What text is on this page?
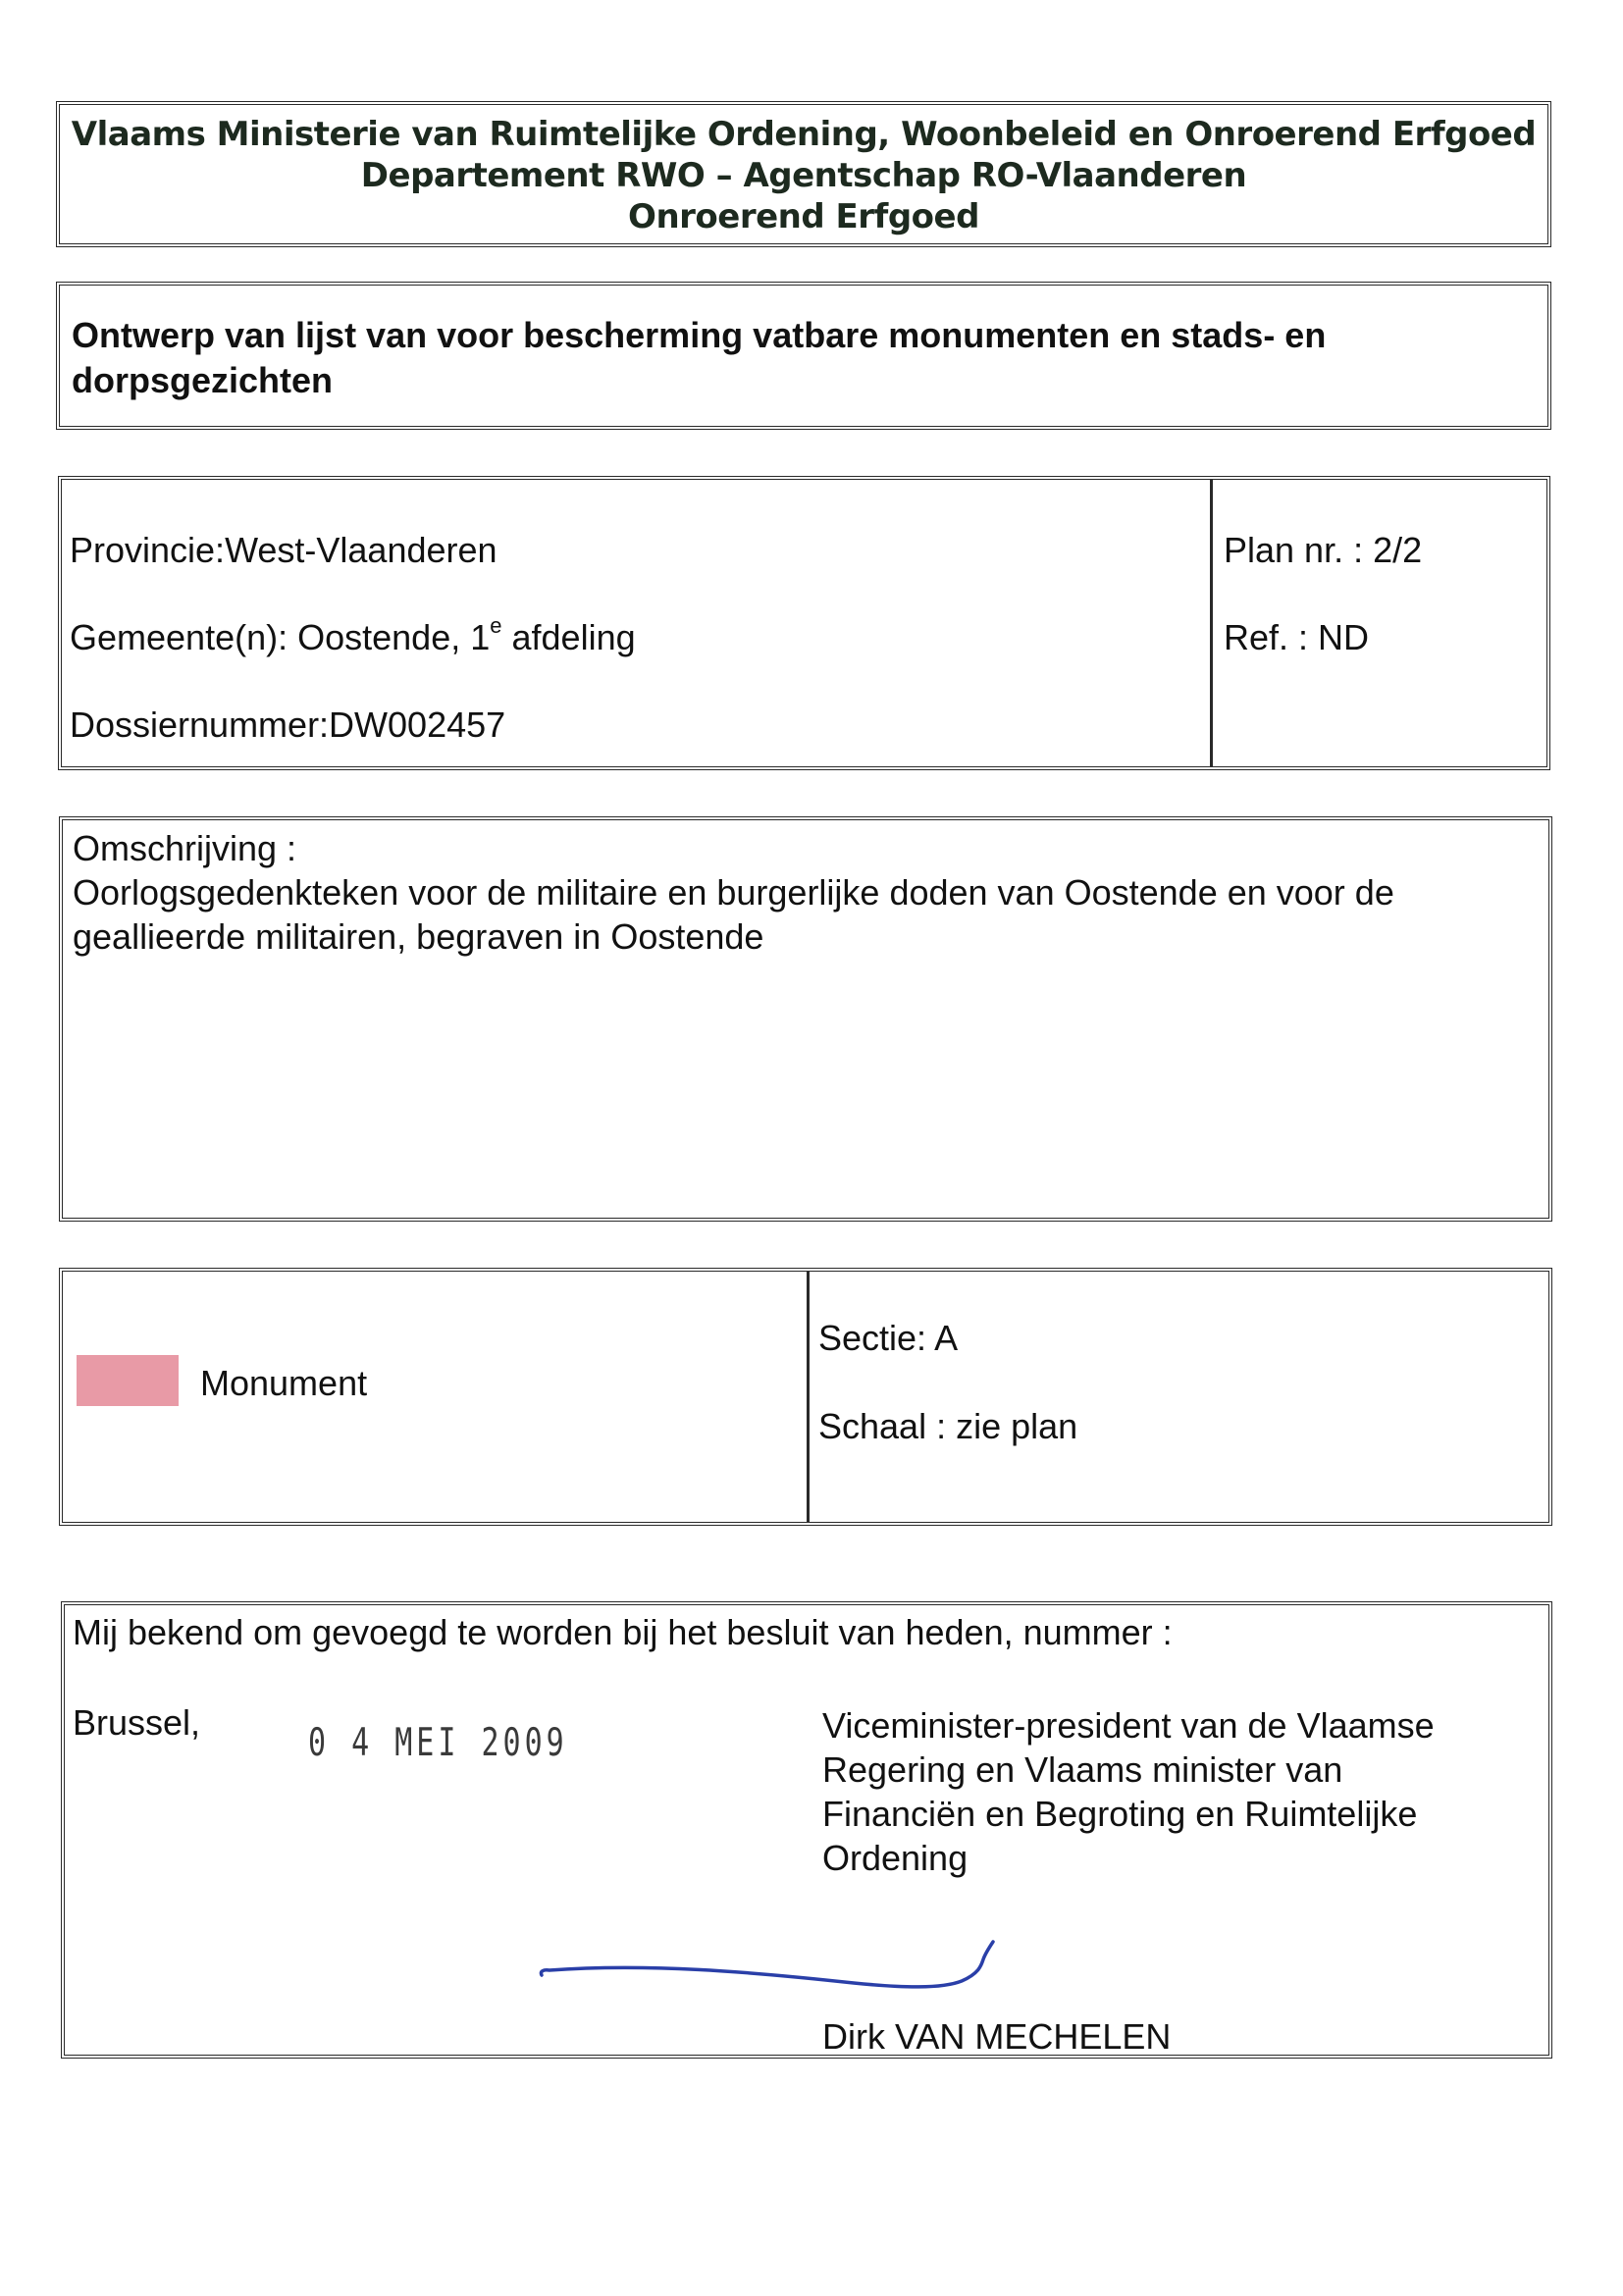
Vlaams Ministerie van Ruimtelijke Ordening, Woonbeleid en Onroerend Erfgoed
Departement RWO – Agentschap RO-Vlaanderen
Onroerend Erfgoed
Ontwerp van lijst van voor bescherming vatbare monumenten en stads- en dorpsgezichten
Provincie:West-Vlaanderen
Gemeente(n): Oostende, 1e afdeling
Dossiernummer:DW002457
Plan nr. : 2/2
Ref. : ND
Omschrijving :
Oorlogsgedenkteken voor de militaire en burgerlijke doden van Oostende en voor de geallieerde militairen, begraven in Oostende
Monument
Sectie: A
Schaal : zie plan
Mij bekend om gevoegd te worden bij het besluit van heden, nummer :
Brussel,	Viceminister-president van de Vlaamse
Regering en Vlaams minister van
Financiën en Begroting en Ruimtelijke
Ordening
Dirk VAN MECHELEN
0 4 MEI 2009
